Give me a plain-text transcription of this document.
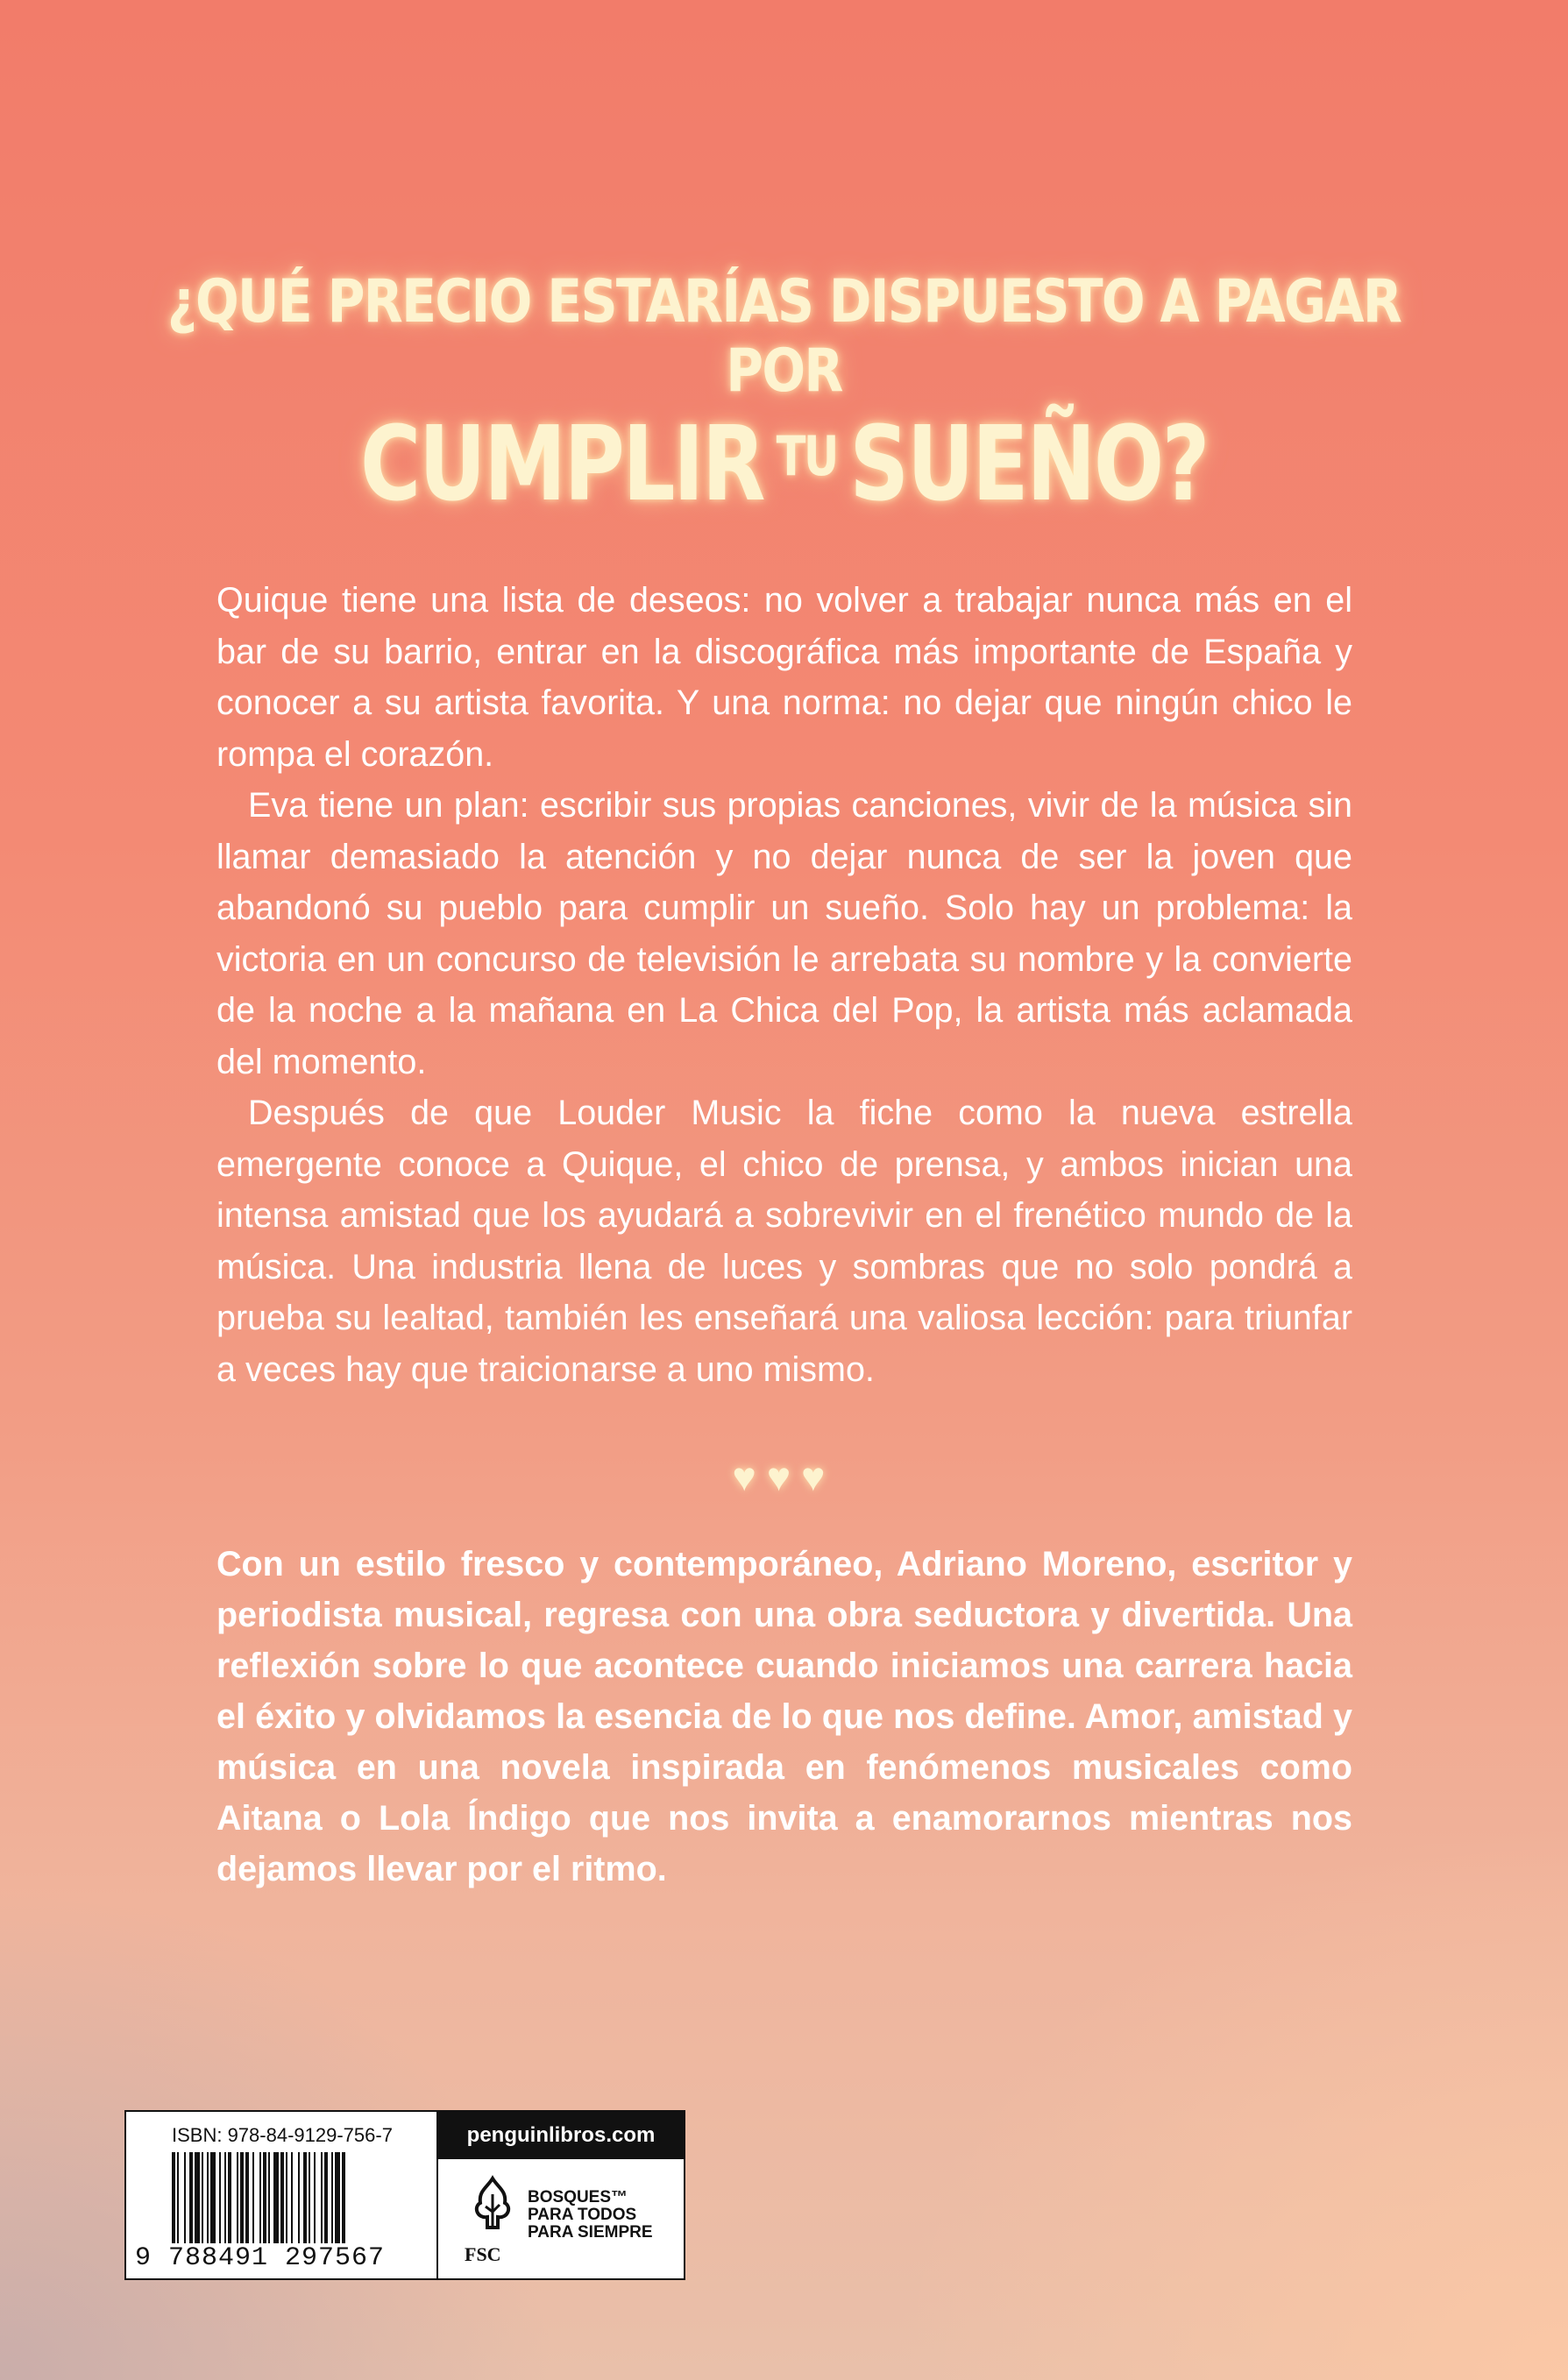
¿QUÉ PRECIO ESTARÍAS DISPUESTO A PAGAR POR
CUMPLIR $^{TU}$ SUEÑO?

Quique tiene una lista de deseos: no volver a trabajar nunca más en el bar de su barrio, entrar en la discográfica más importante de España y conocer a su artista favorita. Y una norma: no dejar que ningún chico le rompa el corazón.

Eva tiene un plan: escribir sus propias canciones, vivir de la música sin llamar demasiado la atención y no dejar nunca de ser la joven que abandonó su pueblo para cumplir un sueño. Solo hay un problema: la victoria en un concurso de televisión le arrebata su nombre y la convierte de la noche a la mañana en La Chica del Pop, la artista más aclamada del momento.

Después de que Louder Music la fiche como la nueva estrella emergente conoce a Quique, el chico de prensa, y ambos inician una intensa amistad que los ayudará a sobrevivir en el frenético mundo de la música. Una industria llena de luces y sombras que no solo pondrá a prueba su lealtad, también les enseñará una valiosa lección: para triunfar a veces hay que traicionarse a uno mismo.

♥♥♥

Con un estilo fresco y contemporáneo, Adriano Moreno, escritor y periodista musical, regresa con una obra seductora y divertida. Una reflexión sobre lo que acontece cuando iniciamos una carrera hacia el éxito y olvidamos la esencia de lo que nos define. Amor, amistad y música en una novela inspirada en fenómenos musicales como Aitana o Lola Índigo que nos invita a enamorarnos mientras nos dejamos llevar por el ritmo.

ISBN: 978-84-9129-756-7
9 788491 297567
penguinlibros.com
BOSQUES™
PARA TODOS
PARA SIEMPRE
FSC
